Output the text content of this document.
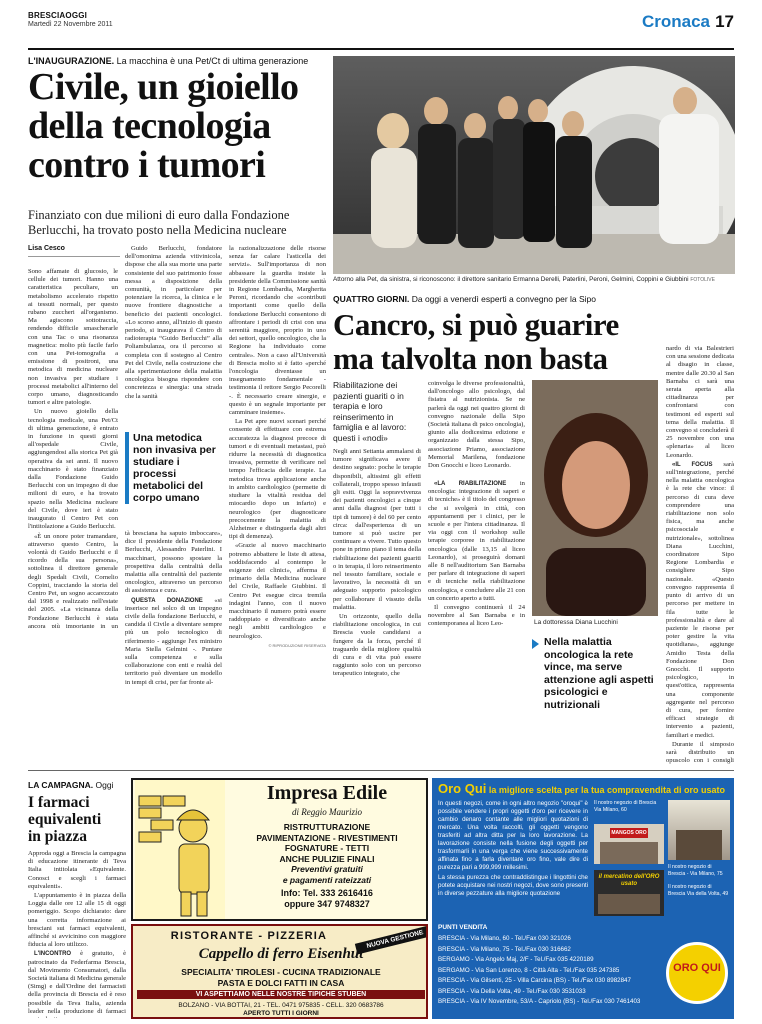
BRESCIAOGGI
Martedì 22 Novembre 2011	Cronaca 17
L'INAUGURAZIONE. La macchina è una Pet/Ct di ultima generazione
Civile, un gioiello
della tecnologia
contro i tumori
Finanziato con due milioni di euro dalla Fondazione Berlucchi, ha trovato posto nella Medicina nucleare
Lisa Cesco
Attorno alla Pet, da sinistra, si riconoscono: il direttore sanitario Ermanna Derelli, Paterlini, Peroni, Gelmini, Coppini e Giubbini FOTOLIVE

Sono affamate di glucosio, le cellule dei tumori. Hanno una caratteristica peculiare, un metabolismo accelerato rispetto ai tessuti normali, per questo rubano zuccheri all'organismo. Ma agiscono sottotraccia, rendendo difficile smascherarle con una Tac o una risonanza magnetica: molto più facile farlo con una Pet-tomografia a emissione di positroni, una metodica di medicina nucleare non invasiva per studiare i processi metabolici all'interno del corpo umano, diagnosticando tumori e altre patologie.

Un nuovo gioiello della tecnologia medicale, una Pet/Ct di ultima generazione, è entrato in funzione in questi giorni all'ospedale Civile, aggiungendosi alla storica Pet già operativa da sei anni. Il nuovo macchinario è stato finanziato dalla Fondazione Guido Berlucchi con un impegno di due milioni di euro, e ha trovato spazio nella Medicina nucleare del Civile, dove ieri è stato inaugurato il Centro Pet con l'intitolazione a Guido Berlucchi.

«È un onore poter tramandare, attraverso questo Centro, la volontà di Guido Berlucchi e il ricordo della sua persona», sottolinea il direttore generale degli Spedali Civili, Cornelio Coppini, tracciando la storia del Centro Pet, un sogno accarezzato dal 1998 e realizzato nell'estate del 2005. «La vicinanza della Fondazione Berlucchi è stata ancora più importante in un

Guido Berlucchi, fondatore dell'omonima azienda vitivinicola, dispose che alla sua morte una parte consistente del suo patrimonio fosse messa a disposizione della comunità, in particolare per potenziare la ricerca, la clinica e le nuove frontiere diagnostiche a beneficio dei pazienti oncologici. «Lo scorso anno, all'inizio di questo periodo, si inaugurava il Centro di radioterapia “Guido Berlucchi” alla Poliambulanza, ora il percorso si completa con il sostegno al Centro Pet del Civile, nella costruzione che alla sperimentazione della malattia oncologica bisogna rispondere con concretezza e sinergia: una strada che la sanità

Una metodica non invasiva per studiare i processi metabolici del corpo umano

tà bresciana ha saputo imboccare», dice il presidente della Fondazione Berlucchi, Alessandro Paterlini. I macchinari, possono spostare la prospettiva dalla centralità della malattia alla centralità del paziente oncologico, attraverso un percorso di assistenza e cura.

QUESTA DONAZIONE «si inserisce nel solco di un impegno civile della fondazione Berlucchi, e candida il Civile a diventare sempre più un polo tecnologico di riferimento - aggiunge l'ex ministro Maria Stella Gelmini -. Puntare sulla competenza e sulla collaborazione con enti e realtà del territorio può diventare un modello in tempi di crisi, per far fronte al-

la razionalizzazione delle risorse senza far calare l'asticella dei servizi». Sull'importanza di non abbassare la guardia insiste la presidente della Commissione sanità in Regione Lombardia, Margherita Peroni, ricordando che «contributi importanti come quello della fondazione Berlucchi consentono di affrontare i periodi di crisi con una serenità maggiore, proprio in uno dei settori, quello oncologico, che la Regione ha individuato come centrale». Non a caso all'Università di Brescia molto si è fatto «perché l'oncologia diventasse un insegnamento fondamentale - testimonia il rettore Sergio Pecorelli -. È necessario creare sinergie, e questo è un segnale importante per camminare insieme».

La Pet apre nuovi scenari perché consente di effettuare con estrema accuratezza la diagnosi precoce di tumori e di eventuali metastasi, può ridurre la necessità di diagnostica invasiva, permette di verificare nel tempo l'efficacia delle terapie. La metodica trova applicazione anche in ambito cardiologico (permette di studiare la vitalità residua del miocardio dopo un infarto) e neurologico (per diagnosticare precocemente la malattia di Alzheimer e distinguerla dagli altri tipi di demenza).

«Grazie al nuovo macchinario potremo abbattere le liste di attesa, soddisfacendo al contempo le esigenze dei clinici», afferma il primario della Medicina nucleare del Civile, Raffaele Giubbini. Il Centro Pet esegue circa tremila indagini l'anno, con il nuovo macchinario il numero potrà essere raddoppiato e diversificato anche negli ambiti cardiologico e neurologico.

© RIPRODUZIONE RISERVATA
QUATTRO GIORNI. Da oggi a venerdì esperti a convegno per la Sipo
Cancro, si può guarire
ma talvolta non basta
Riabilitazione dei pazienti guariti o in terapia e loro reinserimento in famiglia e al lavoro: questi i «nodi»

Negli anni Settanta ammalarsi di tumore significava avere il destino segnato: poche le terapie disponibili, altissimi gli effetti collaterali, troppo spesso infausti gli esiti. Oggi la sopravvivenza dei pazienti oncologici a cinque anni dalla diagnosi (per tutti i tipi di tumore) è del 60 per cento circa: dall'esperienza di un tumore si può uscire per continuare a vivere. Tutto questo pone in primo piano il tema della riabilitazione dei pazienti guariti o in terapia, il loro reinserimento nel tessuto familiare, sociale e lavorativo, la necessità di un adeguato supporto psicologico per collaborare il vissuto della malattia.

Un orizzonte, quello della riabilitazione oncologica, in cui Brescia vuole candidarsi a fungere da la forza, perché il traguardo della migliore qualità di cura e di vita può essere raggiunto solo con un percorso terapeutico integrato, che

coinvolga le diverse professionalità, dall'oncologo allo psicologo, dal fisiatra al nutrizionista. Se ne parlerà da oggi nei quattro giorni di convegno nazionale della Sipo (Società italiana di psico oncologia), giunto alla dodicesima edizione e organizzato dalla stessa Sipo, associazione Priamo, associazione Memorial Marilena, fondazione Don Gnocchi e liceo Leonardo.

La dottoressa Diana Lucchini

«LA RIABILITAZIONE in oncologia: integrazione di saperi e di tecniche» è il titolo del congresso che si svolgerà in città, con appuntamenti per i clinici, per le scuole e per l'intera cittadinanza. Il via oggi con il workshop sulle terapie corporee in riabilitazione oncologica (dalle 13,15 al liceo Leonardo), si proseguirà domani alle 8 nell'auditorium San Barnaba per parlare di integrazione di saperi e di tecniche nella riabilitazione oncologica, e concludere alle 21 con un concerto aperto a tutti.

Il convegno continuerà il 24 novembre al San Barnaba e in contemporanea al liceo Leo-

Nella malattia oncologica la rete vince, ma serve attenzione agli aspetti psicologici e nutrizionali

nardo di via Balestrieri con una sessione dedicata al disagio in classe, mentre dalle 20.30 al San Barnaba ci sarà una serata aperta alla cittadinanza per confrontarsi con testimoni ed esperti sul tema della malattia. Il convegno si concluderà il 25 novembre con una «plenaria» al liceo Leonardo.

«IL FOCUS sarà sull'integrazione, perché nella malattia oncologica è la rete che vince: il percorso di cura deve comprendere una riabilitazione non solo fisica, ma anche psicosociale e nutrizionale», sottolinea Diana Lucchini, coordinatore Sipo Regione Lombardia e consigliere Sipo nazionale. «Questo convegno rappresenta il punto di arrivo di un percorso per mettere in fila tutte le professionalità e dare al paziente le risorse per poter gestire la vita quotidiana», aggiunge Amidio Testa della Fondazione Don Gnocchi. Il supporto psicologico, in quest'ottica, rappresenta una componente aggregante nel percorso di cura, per fornire efficaci strategie di intervento a pazienti, familiari e medici.

Durante il simposio sarà distribuito un opuscolo con i consigli

LA CAMPAGNA. Oggi
I farmaci
equivalenti
in piazza

Approda oggi a Brescia la campagna di educazione itinerante di Teva Italia intitolata «Equivalente. Conosci e scegli i farmaci equivalenti».

L'appuntamento è in piazza della Loggia dalle ore 12 alle 15 di oggi pomeriggio. Scopo dichiarato: dare una corretta informazione ai bresciani sui farmaci equivalenti, affinché si avvicinino con maggiore fiducia al loro utilizzo.

L'INCONTRO è gratuito, è patrocinato da Federfarma Brescia, dal Movimento Consumatori, dalla Società italiana di Medicina generale (Simg) e dall'Ordine dei farmacisti della provincia di Brescia ed è reso possibile da Teva Italia, azienda leader nella produzione di farmaci

Impresa Edile
di Reggio Maurizio
RISTRUTTURAZIONE
PAVIMENTAZIONE - RIVESTIMENTI
FOGNATURE - TETTI
ANCHE PULIZIE FINALI
Preventivi gratuiti
e pagamenti rateizzati
Info: Tel. 333 2616416
oppure 347 9748327
RISTORANTE - PIZZERIA	NUOVA GESTIONE
Cappello di ferro Eisenhut
SPECIALITA' TIROLESI - CUCINA TRADIZIONALE
PASTA E DOLCI FATTI IN CASA
VI ASPETTIAMO NELLE NOSTRE TIPICHE STUBEN
BOLZANO - VIA BOTTAI, 21 - TEL. 0471 975835 - CELL. 320 0683786
APERTO TUTTI I GIORNI
Oro Qui la migliore scelta per la tua compravendita di oro usato
In questi negozi, come in ogni altro negozio "oroqui" è possibile vendere i propri oggetti d'oro per ricevere in cambio denaro contante alle migliori quotazioni di mercato. Una volta raccolti, gli oggetti vengono trasferiti ad altra ditta per la loro lavorazione. La lavorazione consiste nella fusione degli oggetti per trasformarli in una verga che viene successivamente affinata fino a farla diventare oro fino, vale dire di purezza pari a 999,999 millesimi.
La stessa purezza che contraddistingue i lingottini che potete acquistare nei nostri negozi, dove sono presenti in diverse pezzature alla migliore quotazione
Il nostro negozio di Brescia Via Milano, 60
MANGOS ORO
Il nostro negozio di Brescia - Via Milano, 75
il mercatino dell'ORO usato	Il nostro negozio di Brescia Via della Volta, 49
PUNTI VENDITA
BRESCIA - Via Milano, 60 - Tel./Fax 030 321026
BRESCIA - Via Milano, 75 - Tel./Fax 030 316662
BERGAMO - Via Angelo Maj, 2/F - Tel./Fax 035 4220189
BERGAMO - Via San Lorenzo, 8 - Città Alta - Tel./Fax 035 247385
BRESCIA - Via Gilsenti, 25 - Villa Carcina (BS) - Tel./Fax 030 8982847
BRESCIA - Via Della Volta, 49 - Tel./Fax 030 3531033
BRESCIA - Via IV Novembre, 53/A - Capriolo (BS) - Tel./Fax 030 7461403
ORO QUI
